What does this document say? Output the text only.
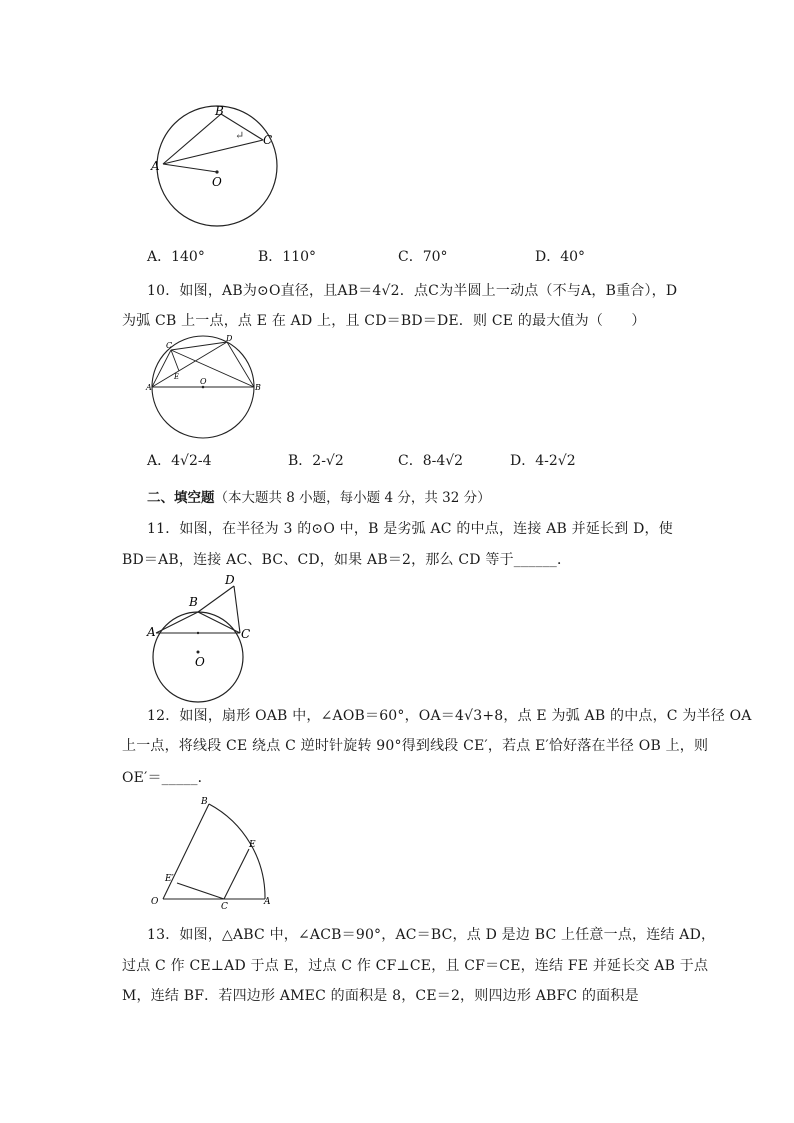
↵
B
C
A
O
A．140°	B．110°	C．70°	D．40°
10．如图，AB为⊙O直径，且AB＝4√2．点C为半圆上一动点（不与A，B重合），D
为弧 CB 上一点，点 E 在 AD 上，且 CD＝BD＝DE．则 CE 的最大值为（　　）
C
D
E	O
A	B
A．4√2-4	B．2-√2	C．8-4√2	D．4-2√2
二、填空题（本大题共 8 小题，每小题 4 分，共 32 分）
11．如图，在半径为 3 的⊙O 中，B 是劣弧 AC 的中点，连接 AB 并延长到 D，使
BD＝AB，连接 AC、BC、CD，如果 AB＝2，那么 CD 等于______．
D
B
A	C
O
12．如图，扇形 OAB 中，∠AOB＝60°，OA＝4√3+8，点 E 为弧 AB 的中点，C 为半径 OA
上一点，将线段 CE 绕点 C 逆时针旋转 90°得到线段 CE′，若点 E′恰好落在半径 OB 上，则
OE′＝_____．
B
E
E′
O	C	A
13．如图，△ABC 中，∠ACB＝90°，AC＝BC，点 D 是边 BC 上任意一点，连结 AD，
过点 C 作 CE⊥AD 于点 E，过点 C 作 CF⊥CE，且 CF＝CE，连结 FE 并延长交 AB 于点
M，连结 BF．若四边形 AMEC 的面积是 8，CE＝2，则四边形 ABFC 的面积是
